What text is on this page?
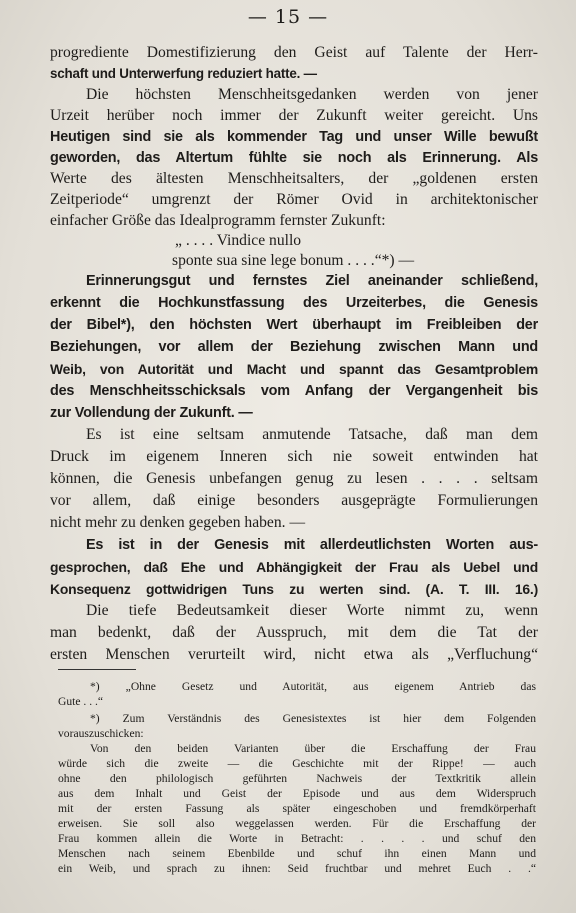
— 15 —
progrediente Domestifizierung den Geist auf Talente der Herr-
schaft und Unterwerfung reduziert hatte. —
Die höchsten Menschheitsgedanken werden von jener
Urzeit herüber noch immer der Zukunft weiter gereicht. Uns
Heutigen sind sie als kommender Tag und unser Wille bewußt
geworden, das Altertum fühlte sie noch als Erinnerung. Als
Werte des ältesten Menschheitsalters, der „goldenen ersten
Zeitperiode“ umgrenzt der Römer Ovid in architektonischer
einfacher Größe das Idealprogramm fernster Zukunft:
„ . . . . Vindice nullo
sponte sua sine lege bonum . . . .“*) —
Erinnerungsgut und fernstes Ziel aneinander schließend,
erkennt die Hochkunstfassung des Urzeiterbes, die Genesis
der Bibel*), den höchsten Wert überhaupt im Freibleiben der
Beziehungen, vor allem der Beziehung zwischen Mann und
Weib, von Autorität und Macht und spannt das Gesamtproblem
des Menschheitsschicksals vom Anfang der Vergangenheit bis
zur Vollendung der Zukunft. —
Es ist eine seltsam anmutende Tatsache, daß man dem
Druck im eigenem Inneren sich nie soweit entwinden hat
können, die Genesis unbefangen genug zu lesen . . . . seltsam
vor allem, daß einige besonders ausgeprägte Formulierungen
nicht mehr zu denken gegeben haben. —
Es ist in der Genesis mit allerdeutlichsten Worten aus-
gesprochen, daß Ehe und Abhängigkeit der Frau als Uebel und
Konsequenz gottwidrigen Tuns zu werten sind. (A. T. III. 16.)
Die tiefe Bedeutsamkeit dieser Worte nimmt zu, wenn
man bedenkt, daß der Ausspruch, mit dem die Tat der
*) „Ohne Gesetz und Autorität, aus eigenem Antrieb das
Gute . . .“
*) Zum Verständnis des Genesistextes ist hier dem Folgenden
vorauszuschicken:
Von den beiden Varianten über die Erschaffung der Frau
würde sich die zweite — die Geschichte mit der Rippe! — auch
ohne den philologisch geführten Nachweis der Textkritik allein
aus dem Inhalt und Geist der Episode und aus dem Widerspruch
mit der ersten Fassung als später eingeschoben und fremdkörperhaft
erweisen. Sie soll also weggelassen werden. Für die Erschaffung der
Frau kommen allein die Worte in Betracht: . . . . und schuf den
Menschen nach seinem Ebenbilde und schuf ihn einen Mann und
ein Weib, und sprach zu ihnen: Seid fruchtbar und mehret Euch . .“
ersten Menschen verurteilt wird, nicht etwa als „Verfluchung“
